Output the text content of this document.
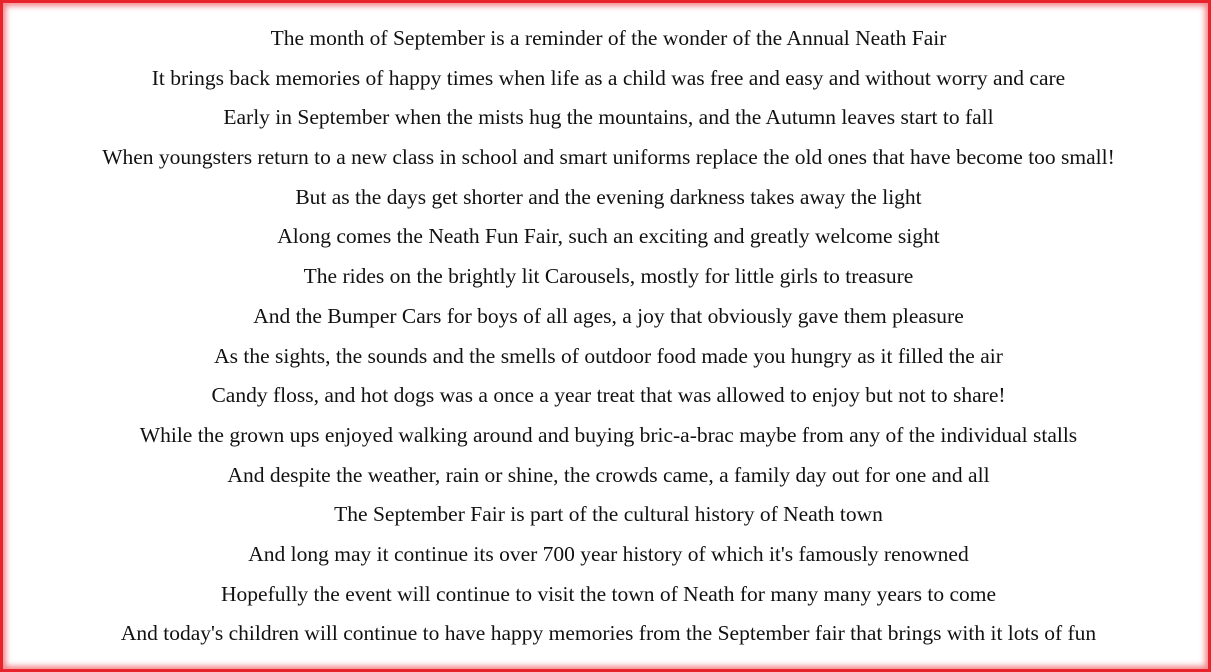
The month of September is a reminder of the wonder of the Annual Neath Fair
It brings back memories of happy times when life as a child was free and easy and without worry and care
Early in September when the mists hug the mountains, and the Autumn leaves start to fall
When youngsters return to a new class in school and smart uniforms replace the old ones that have become too small!
But as the days get shorter and the evening darkness takes away the light
Along comes the Neath Fun Fair, such an exciting and greatly welcome sight
The rides on the brightly lit Carousels, mostly for little girls to treasure
And the Bumper Cars for boys of all ages, a joy that obviously gave them pleasure
As the sights, the sounds and the smells of outdoor food made you hungry as it filled the air
Candy floss, and hot dogs was a once a year treat that was allowed to enjoy but not to share!
While the grown ups enjoyed walking around and buying bric-a-brac maybe from any of the individual stalls
And despite the weather, rain or shine, the crowds came, a family day out for one and all
The September Fair is part of the cultural history of Neath town
And long may it continue its over 700 year history of which it's famously renowned
Hopefully the event will continue to visit the town of Neath for many many years to come
And today's children will continue to have happy memories from the September fair that brings with it lots of fun
